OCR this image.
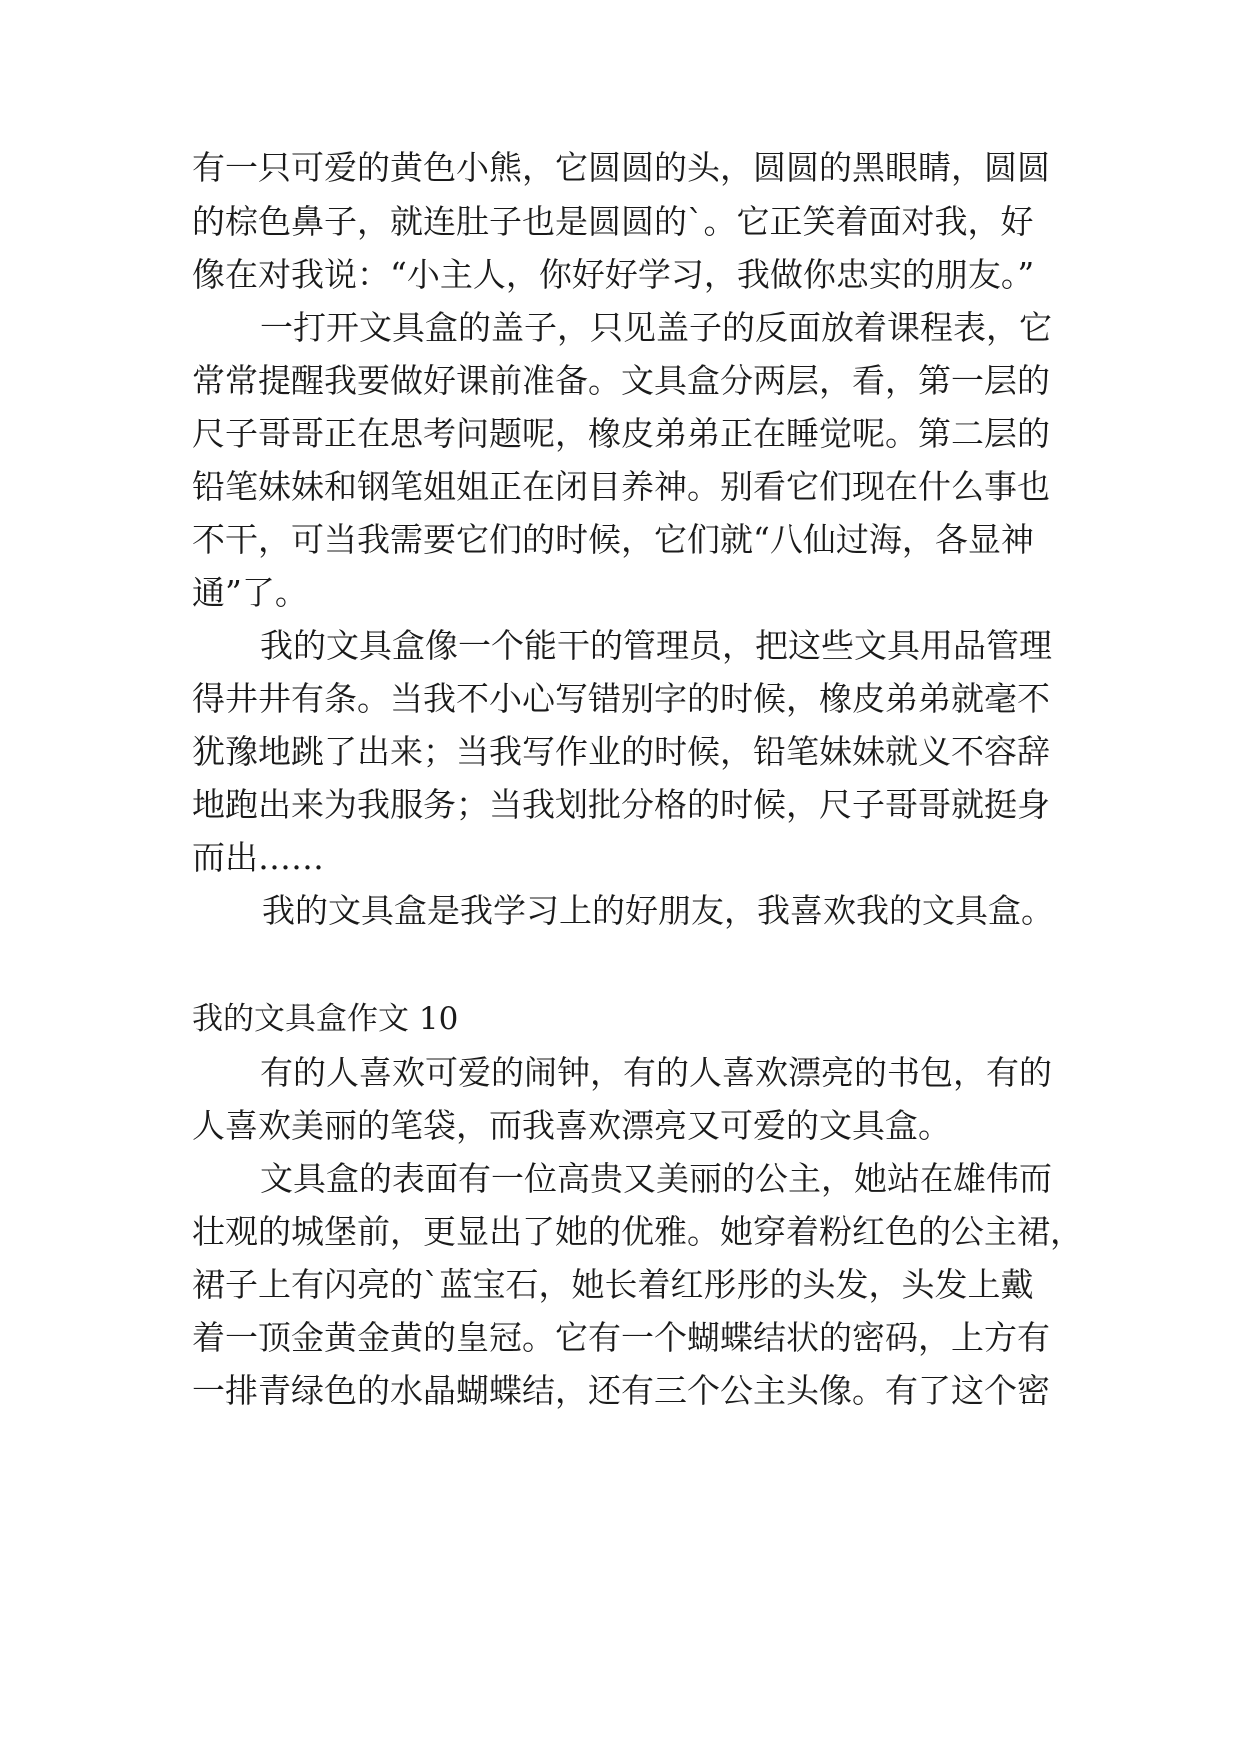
有一只可爱的黄色小熊，它圆圆的头，圆圆的黑眼睛，圆圆
的棕色鼻子，就连肚子也是圆圆的`。它正笑着面对我，好
像在对我说：“小主人，你好好学习，我做你忠实的朋友。”
一打开文具盒的盖子，只见盖子的反面放着课程表，它
常常提醒我要做好课前准备。文具盒分两层，看，第一层的
尺子哥哥正在思考问题呢，橡皮弟弟正在睡觉呢。第二层的
铅笔妹妹和钢笔姐姐正在闭目养神。别看它们现在什么事也
不干，可当我需要它们的时候，它们就“八仙过海，各显神
通”了。
我的文具盒像一个能干的管理员，把这些文具用品管理
得井井有条。当我不小心写错别字的时候，橡皮弟弟就毫不
犹豫地跳了出来；当我写作业的时候，铅笔妹妹就义不容辞
地跑出来为我服务；当我划批分格的时候，尺子哥哥就挺身
而出……
我的文具盒是我学习上的好朋友，我喜欢我的文具盒。
我的文具盒作文 10
有的人喜欢可爱的闹钟，有的人喜欢漂亮的书包，有的
人喜欢美丽的笔袋，而我喜欢漂亮又可爱的文具盒。
文具盒的表面有一位高贵又美丽的公主，她站在雄伟而
壮观的城堡前，更显出了她的优雅。她穿着粉红色的公主裙，
裙子上有闪亮的`蓝宝石，她长着红彤彤的头发，头发上戴
着一顶金黄金黄的皇冠。它有一个蝴蝶结状的密码，上方有
一排青绿色的水晶蝴蝶结，还有三个公主头像。有了这个密
